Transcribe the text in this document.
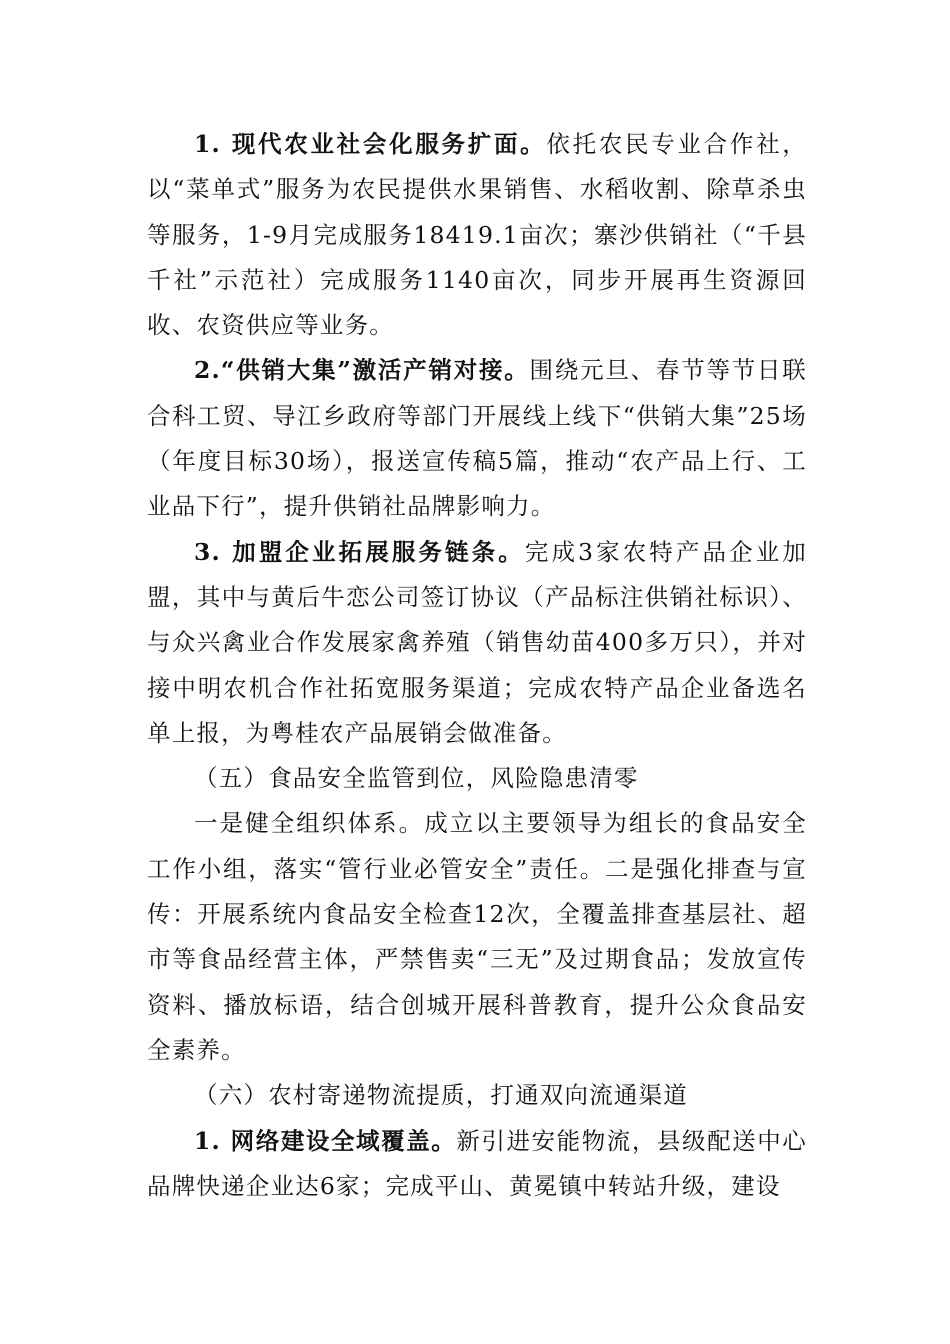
1. 现代农业社会化服务扩面。依托农民专业合作社，以“菜单式”服务为农民提供水果销售、水稻收割、除草杀虫等服务，1-9月完成服务18419.1亩次；寨沙供销社（“千县千社”示范社）完成服务1140亩次，同步开展再生资源回收、农资供应等业务。

2.“供销大集”激活产销对接。围绕元旦、春节等节日联合科工贸、导江乡政府等部门开展线上线下“供销大集”25场（年度目标30场），报送宣传稿5篇，推动“农产品上行、工业品下行”，提升供销社品牌影响力。

3. 加盟企业拓展服务链条。完成3家农特产品企业加盟，其中与黄后牛恋公司签订协议（产品标注供销社标识）、与众兴禽业合作发展家禽养殖（销售幼苗400多万只），并对接中明农机合作社拓宽服务渠道；完成农特产品企业备选名单上报，为粤桂农产品展销会做准备。

（五）食品安全监管到位，风险隐患清零

一是健全组织体系。成立以主要领导为组长的食品安全工作小组，落实“管行业必管安全”责任。二是强化排查与宣传：开展系统内食品安全检查12次，全覆盖排查基层社、超市等食品经营主体，严禁售卖“三无”及过期食品；发放宣传资料、播放标语，结合创城开展科普教育，提升公众食品安全素养。

（六）农村寄递物流提质，打通双向流通渠道

1. 网络建设全域覆盖。新引进安能物流，县级配送中心品牌快递企业达6家；完成平山、黄冕镇中转站升级，建设
